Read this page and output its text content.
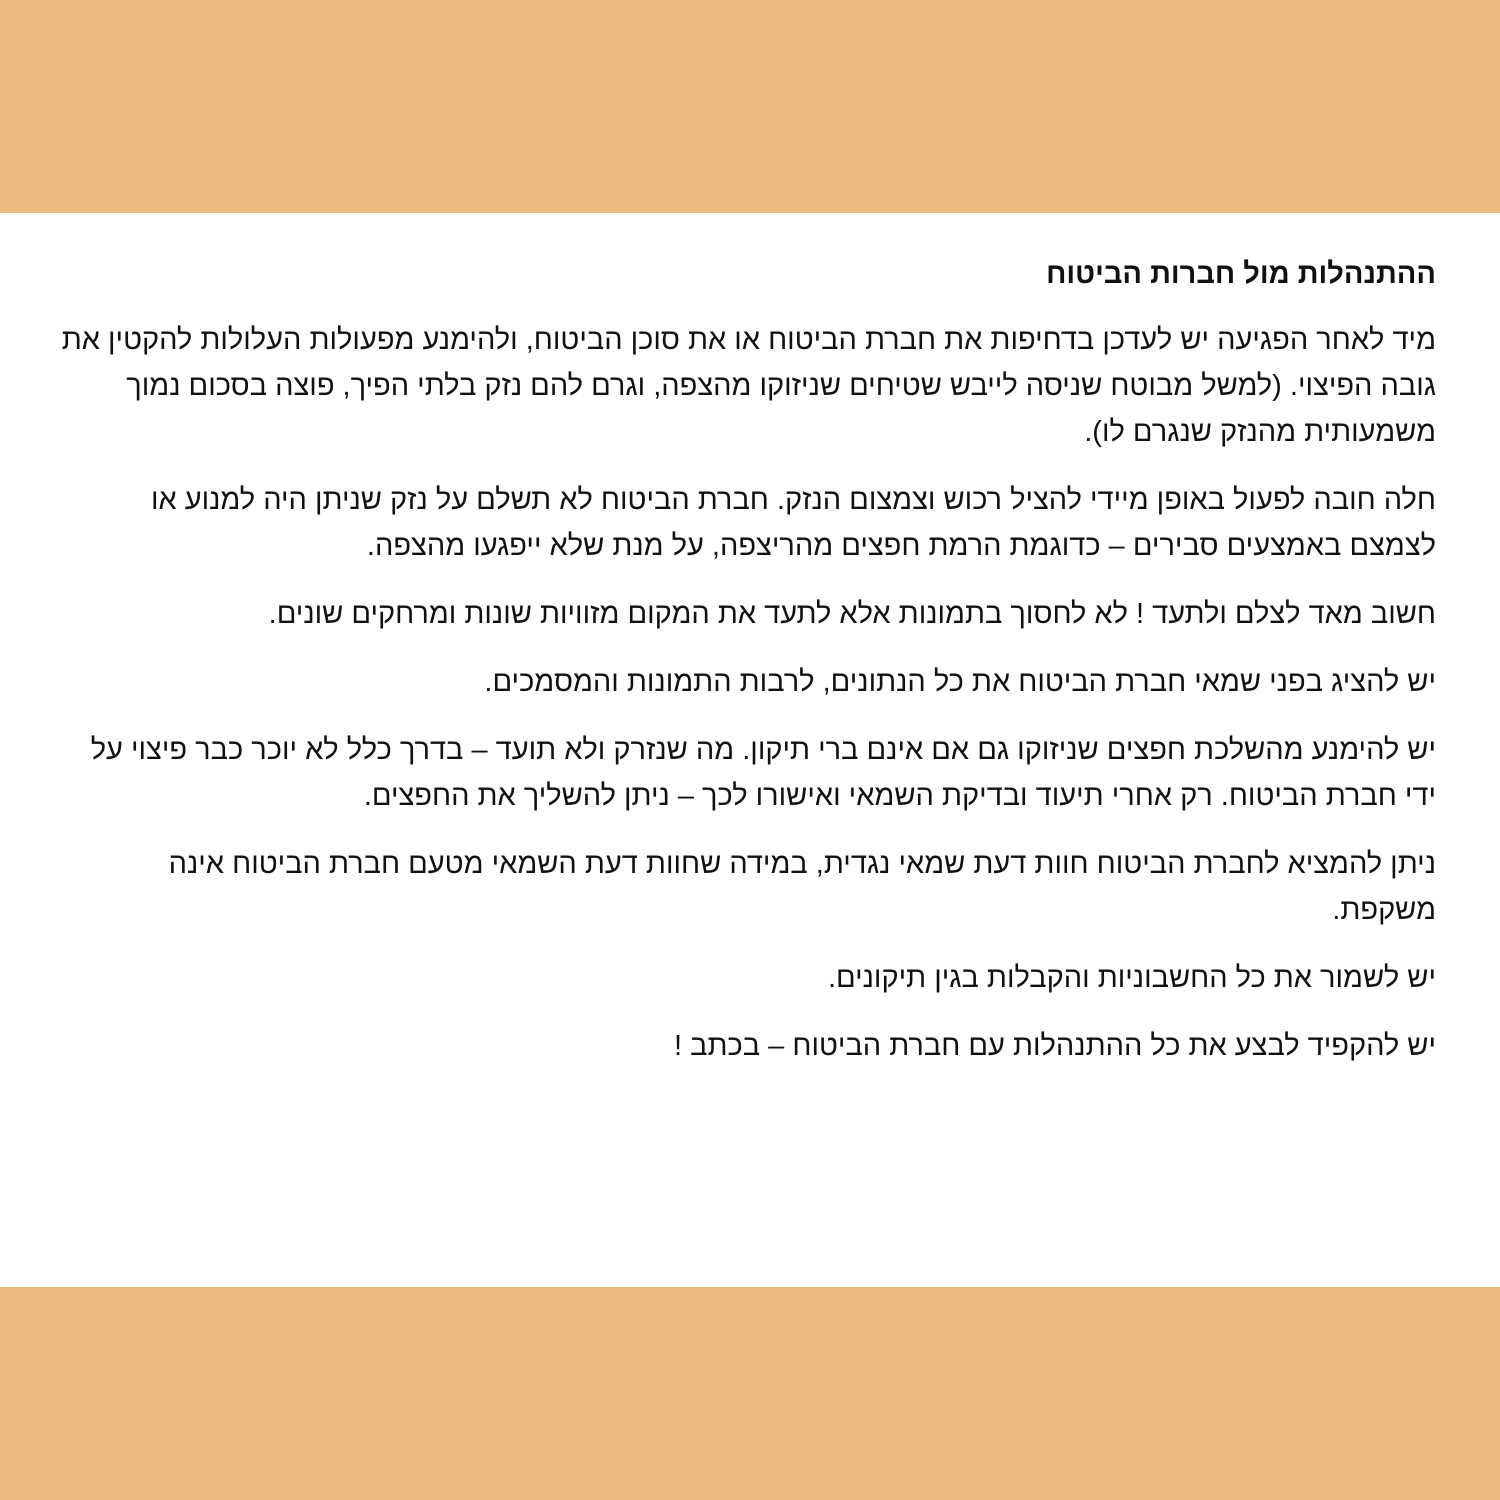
ההתנהלות מול חברות הביטוח

מיד לאחר הפגיעה יש לעדכן בדחיפות את חברת הביטוח או את סוכן הביטוח, ולהימנע מפעולות העלולות להקטין את גובה הפיצוי. (למשל מבוטח שניסה לייבש שטיחים שניזוקו מהצפה, וגרם להם נזק בלתי הפיך, פוצה בסכום נמוך משמעותית מהנזק שנגרם לו).

חלה חובה לפעול באופן מיידי להציל רכוש וצמצום הנזק. חברת הביטוח לא תשלם על נזק שניתן היה למנוע או לצמצם באמצעים סבירים – כדוגמת הרמת חפצים מהריצפה, על מנת שלא ייפגעו מהצפה.

חשוב מאד לצלם ולתעד ! לא לחסוך בתמונות אלא לתעד את המקום מזוויות שונות ומרחקים שונים.

יש להציג בפני שמאי חברת הביטוח את כל הנתונים, לרבות התמונות והמסמכים.

יש להימנע מהשלכת חפצים שניזוקו גם אם אינם ברי תיקון. מה שנזרק ולא תועד – בדרך כלל לא יוכר כבר פיצוי על ידי חברת הביטוח. רק אחרי תיעוד ובדיקת השמאי ואישורו לכך – ניתן להשליך את החפצים.

ניתן להמציא לחברת הביטוח חוות דעת שמאי נגדית, במידה שחוות דעת השמאי מטעם חברת הביטוח אינה משקפת.

יש לשמור את כל החשבוניות והקבלות בגין תיקונים.

יש להקפיד לבצע את כל ההתנהלות עם חברת הביטוח – בכתב !
